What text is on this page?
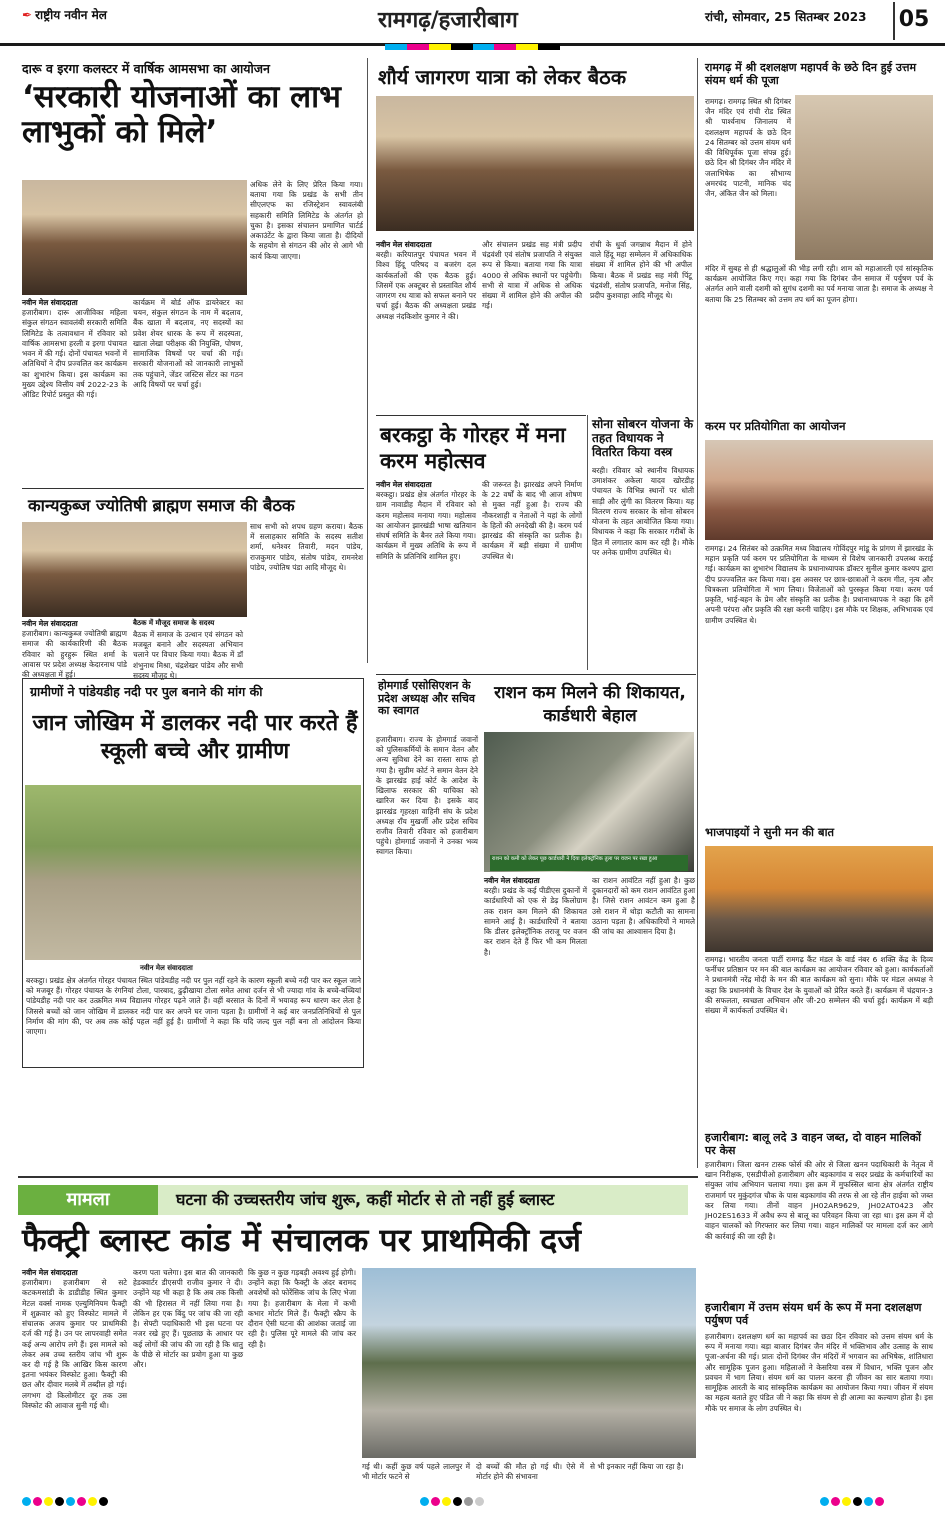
✒ राष्ट्रीय नवीन मेल	रामगढ़/हजारीबाग	रांची, सोमवार, 25 सितम्बर 2023 05
दारू व इरगा कलस्टर में वार्षिक आमसभा का आयोजन
‘सरकारी योजनाओं का लाभ लाभुकों को मिले’
नवीन मेल संवाददाता
हजारीबाग। दारू आजीविका महिला संकुल संगठन स्वावलंबी सरकारी समिति लिमिटेड के तत्वावधान में रविवार को वार्षिक आमसभा हरली व इरगा पंचायत भवन में की गई। दोनों पंचायत भवनों में अतिथियों ने दीप प्रज्वलित कर कार्यक्रम का शुभारंभ किया। इस कार्यक्रम का मुख्य उद्देश्य वित्तीय वर्ष 2022-23 के ऑडिट रिपोर्ट प्रस्तुत की गई।
कार्यक्रम में बोर्ड ऑफ डायरेक्टर का चयन, संकुल संगठन के नाम में बदलाव, बैंक खाता में बदलाव, नए सदस्यों का प्रवेश शेयर धारक के रूप में सदस्यता, खाता लेखा परीक्षक की नियुक्ति, पोषण, सामाजिक विषयों पर चर्चा की गई। सरकारी योजनाओं को जानकारी लाभुकों तक पहुंचाने, जेंडर जस्टिस सेंटर का गठन आदि विषयों पर चर्चा हुई।
अधिक लेने के लिए प्रेरित किया गया। बताया गया कि प्रखंड के सभी तीन सीएलएफ का रजिस्ट्रेशन स्वावलंबी सहकारी समिति लिमिटेड के अंतर्गत हो चुका है। इसका संचालन प्रमाणित चार्टर्ड अकाउंटेंट के द्वारा किया जाता है। दीदियों के सहयोग से संगठन की ओर से आगे भी कार्य किया जाएगा।
कान्यकुब्ज ज्योतिषी ब्राह्मण समाज की बैठक
बैठक में मौजूद समाज के सदस्य
नवीन मेल संवाददाता
हजारीबाग। कान्यकुब्ज ज्योतिषी ब्राह्मण समाज की कार्यकारिणी की बैठक रविवार को हुरहुरू स्थित शर्मा के आवास पर प्रदेश अध्यक्ष केदारनाथ पांडे की अध्यक्षता में हुई।
बैठक में समाज के उत्थान एवं संगठन को मजबूत बनाने और सदस्यता अभियान चलाने पर विचार किया गया। बैठक में डॉ शंभुनाथ मिश्रा, चंद्रशेखर पांडेय और सभी सदस्य मौजूद थे।
साथ सभी को शपथ ग्रहण कराया। बैठक में सलाहकार समिति के सदस्य सतीश शर्मा, धनेश्वर तिवारी, मदन पांडेय, राजकुमार पांडेय, संतोष पांडेय, रामनरेश पांडेय, ज्योतिष पंडा आदि मौजूद थे।
ग्रामीणों ने पांडेयडीह नदी पर पुल बनाने की मांग की
जान जोखिम में डालकर नदी पार करते हैं स्कूली बच्चे और ग्रामीण
नवीन मेल संवाददाता
बरकट्ठा। प्रखंड क्षेत्र अंतर्गत गोरहर पंचायत स्थित पांडेयडीह नदी पर पुल नहीं रहने के कारण स्कूली बच्चे नदी पार कर स्कूल जाने को मजबूर हैं। गोरहर पंचायत के रंगनियां टोला, पारबाद, ढुढ़ीखाया टोला समेत आधा दर्जन से भी ज्यादा गांव के बच्चे-बच्चियां पांडेयडीह नदी पार कर उत्क्रमित मध्य विद्यालय गोरहर पढ़ने जाते हैं। वहीं बरसात के दिनों में भयावह रूप धारण कर लेता है जिससे बच्चों को जान जोखिम में डालकर नदी पार कर अपने घर जाना पड़ता है। ग्रामीणों ने कई बार जनप्रतिनिधियों से पुल निर्माण की मांग की, पर अब तक कोई पहल नहीं हुई है। ग्रामीणों ने कहा कि यदि जल्द पुल नहीं बना तो आंदोलन किया जाएगा।
शौर्य जागरण यात्रा को लेकर बैठक
नवीन मेल संवाददाता
बरही। करियातपुर पंचायत भवन में विश्व हिंदू परिषद व बजरंग दल कार्यकर्ताओं की एक बैठक हुई। जिसमें एक अक्टूबर से प्रस्तावित शौर्य जागरण रथ यात्रा को सफल बनाने पर चर्चा हुई। बैठक की अध्यक्षता प्रखंड अध्यक्ष नंदकिशोर कुमार ने की।
और संचालन प्रखंड सह मंत्री प्रदीप चंद्रवंशी एवं संतोष प्रजापति ने संयुक्त रूप से किया। बताया गया कि यात्रा 4000 से अधिक स्थानों पर पहुंचेगी। सभी से यात्रा में अधिक से अधिक संख्या में शामिल होने की अपील की गई।
रांची के धुर्वा जगन्नाथ मैदान में होने वाले हिंदू महा सम्मेलन में अधिकाधिक संख्या में शामिल होने की भी अपील किया। बैठक में प्रखंड सह मंत्री पिंटू चंद्रवंशी, संतोष प्रजापति, मनोज सिंह, प्रदीप कुशवाहा आदि मौजूद थे।
बरकट्ठा के गोरहर में मना करम महोत्सव
नवीन मेल संवाददाता
बरकट्ठा। प्रखंड क्षेत्र अंतर्गत गोरहर के ग्राम नावाडीह मैदान में रविवार को करम महोत्सव मनाया गया। महोत्सव का आयोजन झारखंडी भाषा खतियान संघर्ष समिति के बैनर तले किया गया। कार्यक्रम में मुख्य अतिथि के रूप में समिति के प्रतिनिधि शामिल हुए।
की जरूरत है। झारखंड अपने निर्माण के 22 वर्षों के बाद भी आज शोषण से मुक्त नहीं हुआ है। राज्य की नौकरशाही व नेताओं ने यहां के लोगों के हितों की अनदेखी की है। करम पर्व झारखंड की संस्कृति का प्रतीक है। कार्यक्रम में बड़ी संख्या में ग्रामीण उपस्थित थे।
सोना सोबरन योजना के तहत विधायक ने वितरित किया वस्त्र
बरही। रविवार को स्थानीय विधायक उमाशंकर अकेला यादव खोरडीह पंचायत के विभिन्न स्थानों पर धोती साड़ी और लुंगी का वितरण किया। यह वितरण राज्य सरकार के सोना सोबरन योजना के तहत आयोजित किया गया। विधायक ने कहा कि सरकार गरीबों के हित में लगातार काम कर रही है। मौके पर अनेक ग्रामीण उपस्थित थे।
होमगार्ड एसोसिएशन के प्रदेश अध्यक्ष और सचिव का स्वागत
हजारीबाग। राज्य के होमगार्ड जवानों को पुलिसकर्मियों के समान वेतन और अन्य सुविधा देने का रास्ता साफ हो गया है। सुप्रीम कोर्ट ने समान वेतन देने के झारखंड हाई कोर्ट के आदेश के खिलाफ सरकार की याचिका को खारिज कर दिया है। इसके बाद झारखंड गृहरक्षा वाहिनी संघ के प्रदेश अध्यक्ष राँय मुखर्जी और प्रदेश सचिव राजीव तिवारी रविवार को हजारीबाग पहुंचे। होमगार्ड जवानों ने उनका भव्य स्वागत किया।
राशन कम मिलने की शिकायत, कार्डधारी बेहाल
राशन को कमी को लेकर पूछ कार्डधारी ने दिया इलेक्ट्रॉनिक तुला पर वजन पर रखा हुआ
नवीन मेल संवाददाता
बरही। प्रखंड के कई पीडीएस दुकानों में कार्डधारियों को एक से डेढ़ किलोग्राम तक राशन कम मिलने की शिकायत सामने आई है। कार्डधारियों ने बताया कि डीलर इलेक्ट्रॉनिक तराजू पर वजन कर राशन देते हैं फिर भी कम मिलता है।
का राशन आवंटित नहीं हुआ है। कुछ दुकानदारों को कम राशन आवंटित हुआ है। जिसे राशन आवंटन कम हुआ है उसे राशन में थोड़ा कटौती का सामना उठाना पड़ता है। अधिकारियों ने मामले की जांच का आश्वासन दिया है।
रामगढ़ में श्री दशलक्षण महापर्व के छठे दिन हुई उत्तम संयम धर्म की पूजा
रामगढ़। रामगढ़ स्थित श्री दिगंबर जैन मंदिर एवं रांची रोड स्थित श्री पार्श्वनाथ जिनालय में दशलक्षण महापर्व के छठे दिन 24 सितम्बर को उत्तम संयम धर्म की विधिपूर्वक पूजा संपन्न हुई। छठे दिन श्री दिगंबर जैन मंदिर में जलाभिषेक का सौभाग्य अमरचंद पाटनी, मानिक चंद जैन, अंकित जैन को मिला।
मंदिर में सुबह से ही श्रद्धालुओं की भीड़ लगी रही। शाम को महाआरती एवं सांस्कृतिक कार्यक्रम आयोजित किए गए। कहा गया कि दिगंबर जैन समाज में पर्युषण पर्व के अंतर्गत आने वाली दशमी को सुगंध दशमी का पर्व मनाया जाता है। समाज के अध्यक्ष ने बताया कि 25 सितम्बर को उत्तम तप धर्म का पूजन होगा।
करम पर प्रतियोगिता का आयोजन
रामगढ़। 24 सितंबर को उत्क्रमित मध्य विद्यालय गोविंदपुर मांडू के प्रांगण में झारखंड के महान प्रकृति पर्व करम पर प्रतियोगिता के माध्यम से विशेष जानकारी उपलब्ध कराई गई। कार्यक्रम का शुभारंभ विद्यालय के प्रधानाध्यापक डॉक्टर सुनील कुमार कश्यप द्वारा दीप प्रज्ज्वलित कर किया गया। इस अवसर पर छात्र-छात्राओं ने करम गीत, नृत्य और चित्रकला प्रतियोगिता में भाग लिया। विजेताओं को पुरस्कृत किया गया। करम पर्व प्रकृति, भाई-बहन के प्रेम और संस्कृति का प्रतीक है। प्रधानाध्यापक ने कहा कि हमें अपनी परंपरा और प्रकृति की रक्षा करनी चाहिए। इस मौके पर शिक्षक, अभिभावक एवं ग्रामीण उपस्थित थे।
भाजपाइयों ने सुनी मन की बात
रामगढ़। भारतीय जनता पार्टी रामगढ़ कैंट मंडल के वार्ड नंबर 6 शक्ति केंद्र के दिव्य फर्नीचर प्रतिष्ठान पर मन की बात कार्यक्रम का आयोजन रविवार को हुआ। कार्यकर्ताओं ने प्रधानमंत्री नरेंद्र मोदी के मन की बात कार्यक्रम को सुना। मौके पर मंडल अध्यक्ष ने कहा कि प्रधानमंत्री के विचार देश के युवाओं को प्रेरित करते हैं। कार्यक्रम में चंद्रयान-3 की सफलता, स्वच्छता अभियान और जी-20 सम्मेलन की चर्चा हुई। कार्यक्रम में बड़ी संख्या में कार्यकर्ता उपस्थित थे।
हजारीबाग: बालू लदे 3 वाहन जब्त, दो वाहन मालिकों पर केस
हजारीबाग। जिला खनन टास्क फोर्स की ओर से जिला खनन पदाधिकारी के नेतृत्व में खान निरीक्षक, एसडीपीओ हजारीबाग और बड़कागांव व सदर प्रखंड के कर्मचारियों का संयुक्त जांच अभियान चलाया गया। इस क्रम में मुफस्सिल थाना क्षेत्र अंतर्गत राष्ट्रीय राजमार्ग पर मुकुंदगंज चौक के पास बड़कागांव की तरफ से आ रहे तीन हाईवा को जब्त कर लिया गया। तीनों वाहन JH02AR9629, JH02AT0423 और JH02ES1633 में अवैध रूप से बालू का परिवहन किया जा रहा था। इस क्रम में दो वाहन चालकों को गिरफ्तार कर लिया गया। वाहन मालिकों पर मामला दर्ज कर आगे की कार्रवाई की जा रही है।
हजारीबाग में उत्तम संयम धर्म के रूप में मना दशलक्षण पर्युषण पर्व
हजारीबाग। दशलक्षण धर्म का महापर्व का छठा दिन रविवार को उत्तम संयम धर्म के रूप में मनाया गया। बड़ा बाजार दिगंबर जैन मंदिर में भक्तिभाव और उत्साह के साथ पूजा-अर्चना की गई। प्रातः दोनों दिगंबर जैन मंदिरों में भगवान का अभिषेक, शांतिधारा और सामूहिक पूजन हुआ। महिलाओं ने केसरिया वस्त्र में विधान, भक्ति पूजन और प्रवचन में भाग लिया। संयम धर्म का पालन करना ही जीवन का सार बताया गया। सामूहिक आरती के बाद सांस्कृतिक कार्यक्रम का आयोजन किया गया। जीवन में संयम का महत्व बताते हुए पंडित जी ने कहा कि संयम से ही आत्मा का कल्याण होता है। इस मौके पर समाज के लोग उपस्थित थे।
मामला	घटना की उच्चस्तरीय जांच शुरू, कहीं मोर्टार से तो नहीं हुई ब्लास्ट
फैक्ट्री ब्लास्ट कांड में संचालक पर प्राथमिकी दर्ज
नवीन मेल संवाददाता
हजारीबाग। हजारीबाग से सटे कटकमसांडी के डाडीडीह स्थित कुमार मेटल वर्क्स नामक एल्युमिनियम फैक्ट्री में शुक्रवार को हुए विस्फोट मामले में संचालक अजय कुमार पर प्राथमिकी दर्ज की गई है। उन पर लापरवाही समेत कई अन्य आरोप लगे हैं। इस मामले को लेकर अब उच्च स्तरीय जांच भी शुरू कर दी गई है कि आखिर किस कारण इतना भयंकर विस्फोट हुआ। फैक्ट्री की छत और दीवार मलबे में तब्दील हो गई। लगभग दो किलोमीटर दूर तक उस विस्फोट की आवाज सुनी गई थी।
करण पता चलेगा। इस बात की जानकारी हेडक्वार्टर डीएसपी राजीव कुमार ने दी। उन्होंने यह भी कहा है कि अब तक किसी की भी हिरासत में नहीं लिया गया है। लेकिन हर एक बिंदु पर जांच की जा रही है। सेफ्टी पदाधिकारी भी इस घटना पर नजर रखे हुए हैं। पूछताछ के आधार पर कई लोगों की जांच की जा रही है कि धातु के पीछे से मोर्टार का प्रयोग हुआ या कुछ और।
कि कुछ न कुछ गड़बड़ी अवश्य हुई होगी। उन्होंने कहा कि फैक्ट्री के अंदर बरामद अवशेषों को फोरेंसिक जांच के लिए भेजा गया है। हजारीबाग के मेला में कभी कभार मोर्टार मिले हैं। फैक्ट्री स्क्रैप के दौरान ऐसी घटना की आशंका जताई जा रही है। पुलिस पूरे मामले की जांच कर रही है।
गई थी। कहीं कुछ वर्ष पहले लालपुर में भी मोर्टार फटने से
दो बच्चों की मौत हो गई थी। ऐसे में मोर्टार होने की संभावना
से भी इनकार नहीं किया जा रहा है।
